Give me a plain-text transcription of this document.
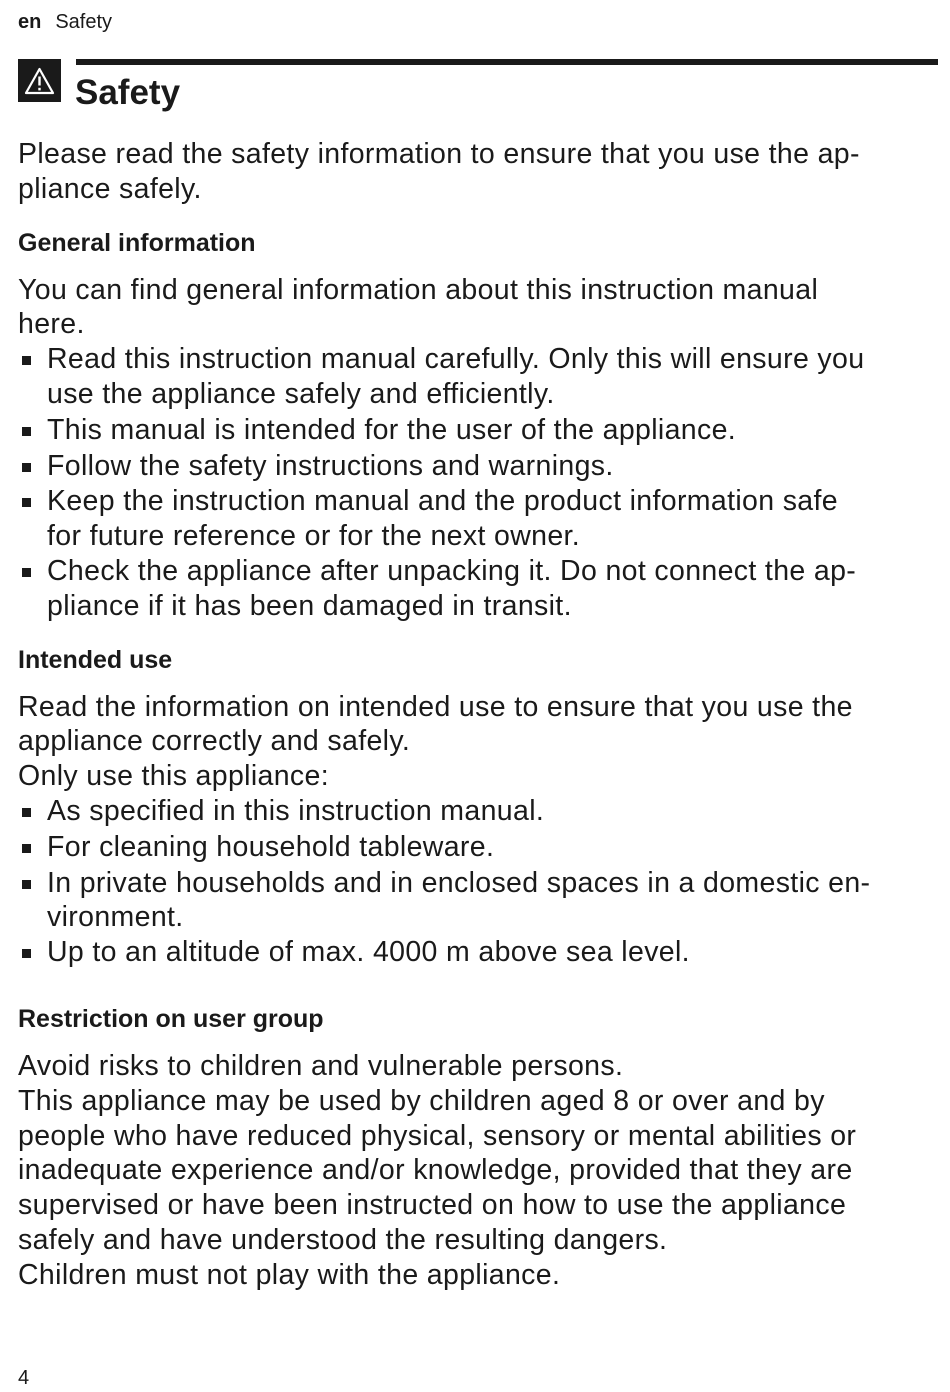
en Safety
Safety

Please read the safety information to ensure that you use the ap-
pliance safely.

General information

You can find general information about this instruction manual
here.

Read this instruction manual carefully. Only this will ensure you
use the appliance safely and efficiently.
This manual is intended for the user of the appliance.
Follow the safety instructions and warnings.
Keep the instruction manual and the product information safe
for future reference or for the next owner.
Check the appliance after unpacking it. Do not connect the ap-
pliance if it has been damaged in transit.
Intended use

Read the information on intended use to ensure that you use the
appliance correctly and safely.
Only use this appliance:

As specified in this instruction manual.
For cleaning household tableware.
In private households and in enclosed spaces in a domestic en-
vironment.
Up to an altitude of max. 4000 m above sea level.
Restriction on user group

Avoid risks to children and vulnerable persons.
This appliance may be used by children aged 8 or over and by
people who have reduced physical, sensory or mental abilities or
inadequate experience and/or knowledge, provided that they are
supervised or have been instructed on how to use the appliance
safely and have understood the resulting dangers.
Children must not play with the appliance.

4
